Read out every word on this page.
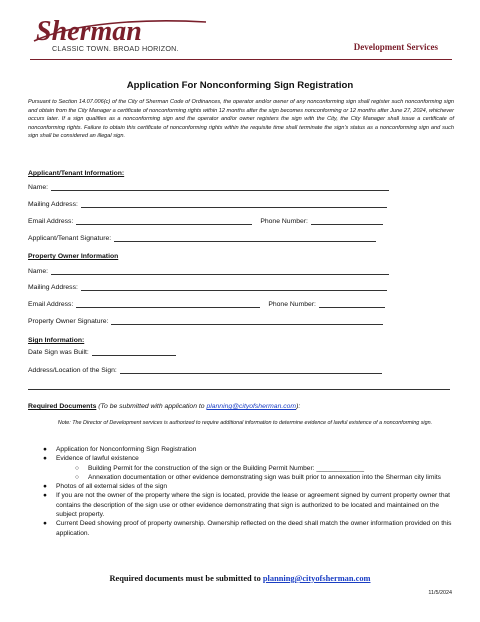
Sherman
CLASSIC TOWN. BROAD HORIZON.	Development Services
Application For Nonconforming Sign Registration
Pursuant to Section 14.07.006(c) of the City of Sherman Code of Ordinances, the operator and/or owner of any nonconforming sign shall register such nonconforming sign and obtain from the City Manager a certificate of nonconforming rights within 12 months after the sign becomes nonconforming or 12 months after June 27, 2024, whichever occurs later. If a sign qualifies as a nonconforming sign and the operator and/or owner registers the sign with the City, the City Manager shall issue a certificate of nonconforming rights. Failure to obtain this certificate of nonconforming rights within the requisite time shall terminate the sign’s status as a nonconforming sign and such sign shall be considered an illegal sign.
Applicant/Tenant Information:
Name:
Mailing Address:
Email Address:	Phone Number:
Applicant/Tenant Signature:
Property Owner Information
Name:
Mailing Address:
Email Address:	Phone Number:
Property Owner Signature:
Sign Information:
Date Sign was Built:
Address/Location of the Sign:
Required Documents (To be submitted with application to planning@cityofsherman.com):
Note: The Director of Development services is authorized to require additional information to determine evidence of lawful existence of a nonconforming sign.
● Application for Nonconforming Sign Registration
● Evidence of lawful existence
○ Building Permit for the construction of the sign or the Building Permit Number: _____________
○ Annexation documentation or other evidence demonstrating sign was built prior to annexation into the Sherman city limits
● Photos of all external sides of the sign
● If you are not the owner of the property where the sign is located, provide the lease or agreement signed by current property owner that contains the description of the sign use or other evidence demonstrating that sign is authorized to be located and maintained on the subject property.
● Current Deed showing proof of property ownership. Ownership reflected on the deed shall match the owner information provided on this application.
Required documents must be submitted to planning@cityofsherman.com
11/5/2024
